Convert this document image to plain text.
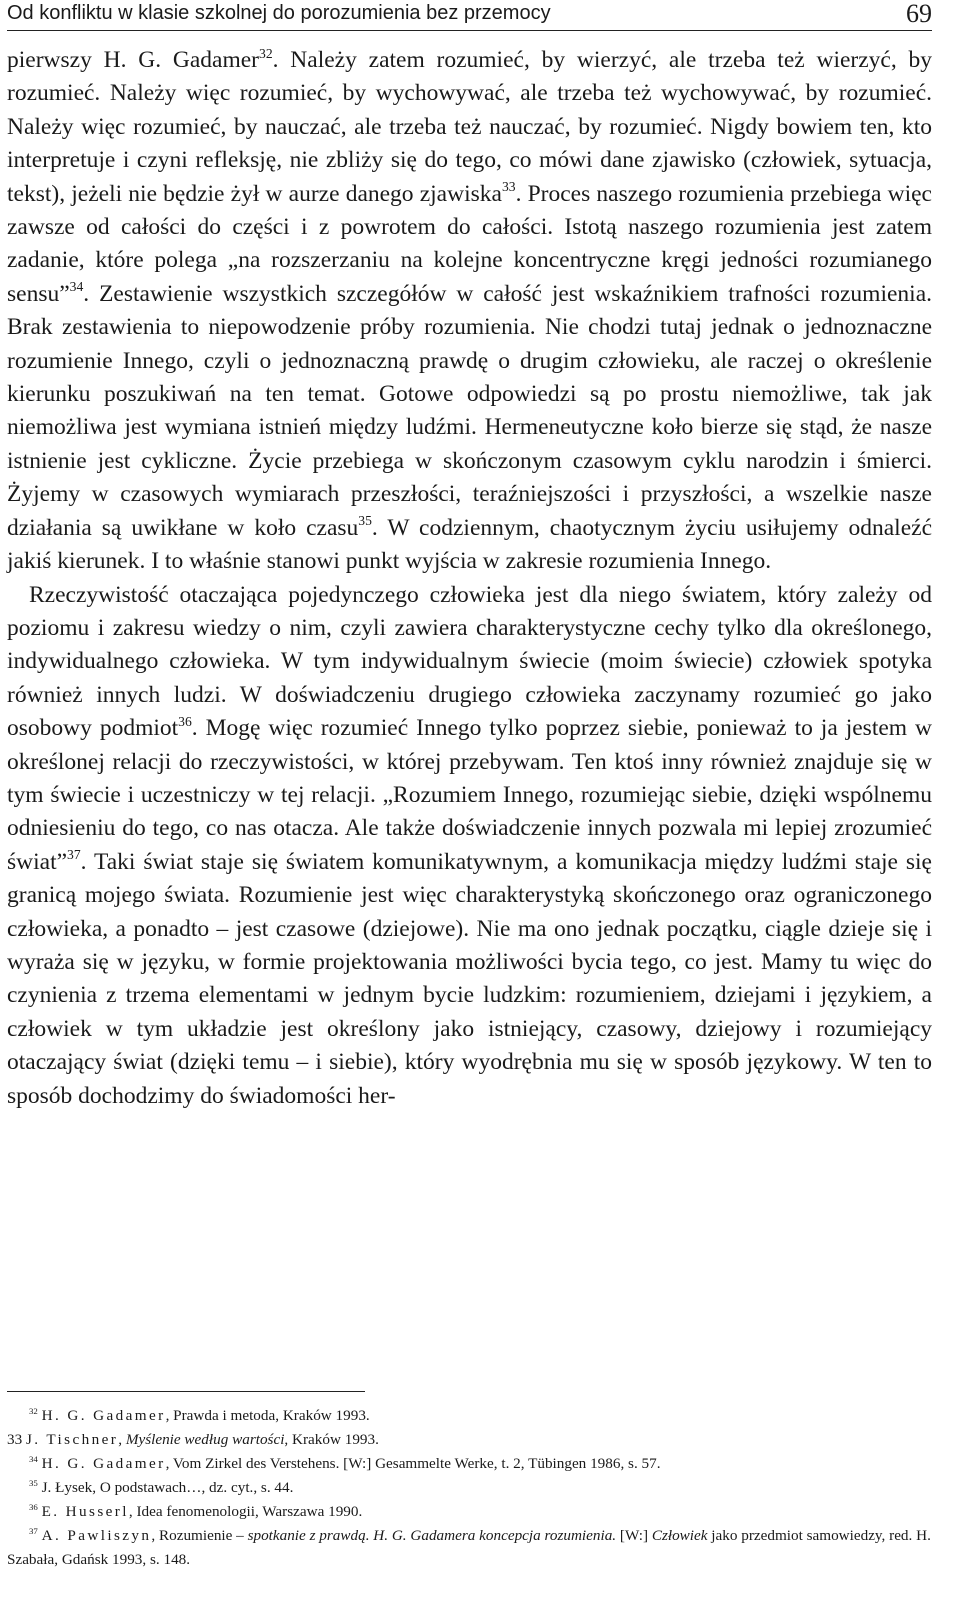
Od konfliktu w klasie szkolnej do porozumienia bez przemocy	69

pierwszy H. G. Gadamer$^{32}$. Należy zatem rozumieć, by wierzyć, ale trzeba też wierzyć, by rozumieć. Należy więc rozumieć, by wychowywać, ale trzeba też wychowywać, by rozumieć. Należy więc rozumieć, by nauczać, ale trzeba też nauczać, by rozumieć. Nigdy bowiem ten, kto interpretuje i czyni refleksję, nie zbliży się do tego, co mówi dane zjawisko (człowiek, sytuacja, tekst), jeżeli nie będzie żył w aurze danego zjawiska$^{33}$. Proces naszego rozumienia przebiega więc zawsze od całości do części i z powrotem do całości. Istotą naszego rozumienia jest zatem zadanie, które polega „na rozszerzaniu na kolejne koncentryczne kręgi jedności rozumianego sensu”$^{34}$. Zestawienie wszystkich szczegółów w całość jest wskaźnikiem trafności rozumienia. Brak zestawienia to niepowodzenie próby rozumienia. Nie chodzi tutaj jednak o jednoznaczne rozumienie Innego, czyli o jednoznaczną prawdę o drugim człowieku, ale raczej o określenie kierunku poszukiwań na ten temat. Gotowe odpowiedzi są po prostu niemożliwe, tak jak niemożliwa jest wymiana istnień między ludźmi. Hermeneutyczne koło bierze się stąd, że nasze istnienie jest cykliczne. Życie przebiega w skończonym czasowym cyklu narodzin i śmierci. Żyjemy w czasowych wymiarach przeszłości, teraźniejszości i przyszłości, a wszelkie nasze działania są uwikłane w koło czasu$^{35}$. W codziennym, chaotycznym życiu usiłujemy odnaleźć jakiś kierunek. I to właśnie stanowi punkt wyjścia w zakresie rozumienia Innego.

Rzeczywistość otaczająca pojedynczego człowieka jest dla niego światem, który zależy od poziomu i zakresu wiedzy o nim, czyli zawiera charakterystyczne cechy tylko dla określonego, indywidualnego człowieka. W tym indywidualnym świecie (moim świecie) człowiek spotyka również innych ludzi. W doświadczeniu drugiego człowieka zaczynamy rozumieć go jako osobowy podmiot$^{36}$. Mogę więc rozumieć Innego tylko poprzez siebie, ponieważ to ja jestem w określonej relacji do rzeczywistości, w której przebywam. Ten ktoś inny również znajduje się w tym świecie i uczestniczy w tej relacji. „Rozumiem Innego, rozumiejąc siebie, dzięki wspólnemu odniesieniu do tego, co nas otacza. Ale także doświadczenie innych pozwala mi lepiej zrozumieć świat”$^{37}$. Taki świat staje się światem komunikatywnym, a komunikacja między ludźmi staje się granicą mojego świata. Rozumienie jest więc charakterystyką skończonego oraz ograniczonego człowieka, a ponadto – jest czasowe (dziejowe). Nie ma ono jednak początku, ciągle dzieje się i wyraża się w języku, w formie projektowania możliwości bycia tego, co jest. Mamy tu więc do czynienia z trzema elementami w jednym bycie ludzkim: rozumieniem, dziejami i językiem, a człowiek w tym układzie jest określony jako istniejący, czasowy, dziejowy i rozumiejący otaczający świat (dzięki temu – i siebie), który wyodrębnia mu się w sposób językowy. W ten to sposób dochodzimy do świadomości her-

$^{32}$ H. G. Gadamer, Prawda i metoda, Kraków 1993.

33 J. Tischner, Myślenie według wartości, Kraków 1993.

$^{34}$ H. G. Gadamer, Vom Zirkel des Verstehens. [W:] Gesammelte Werke, t. 2, Tübingen 1986, s. 57.

$^{35}$ J. Łysek, O podstawach…, dz. cyt., s. 44.

$^{36}$ E. Husserl, Idea fenomenologii, Warszawa 1990.

$^{37}$ A. Pawliszyn, Rozumienie – spotkanie z prawdą. H. G. Gadamera koncepcja rozumienia. [W:] Człowiek jako przedmiot samowiedzy, red. H. Szabała, Gdańsk 1993, s. 148.
